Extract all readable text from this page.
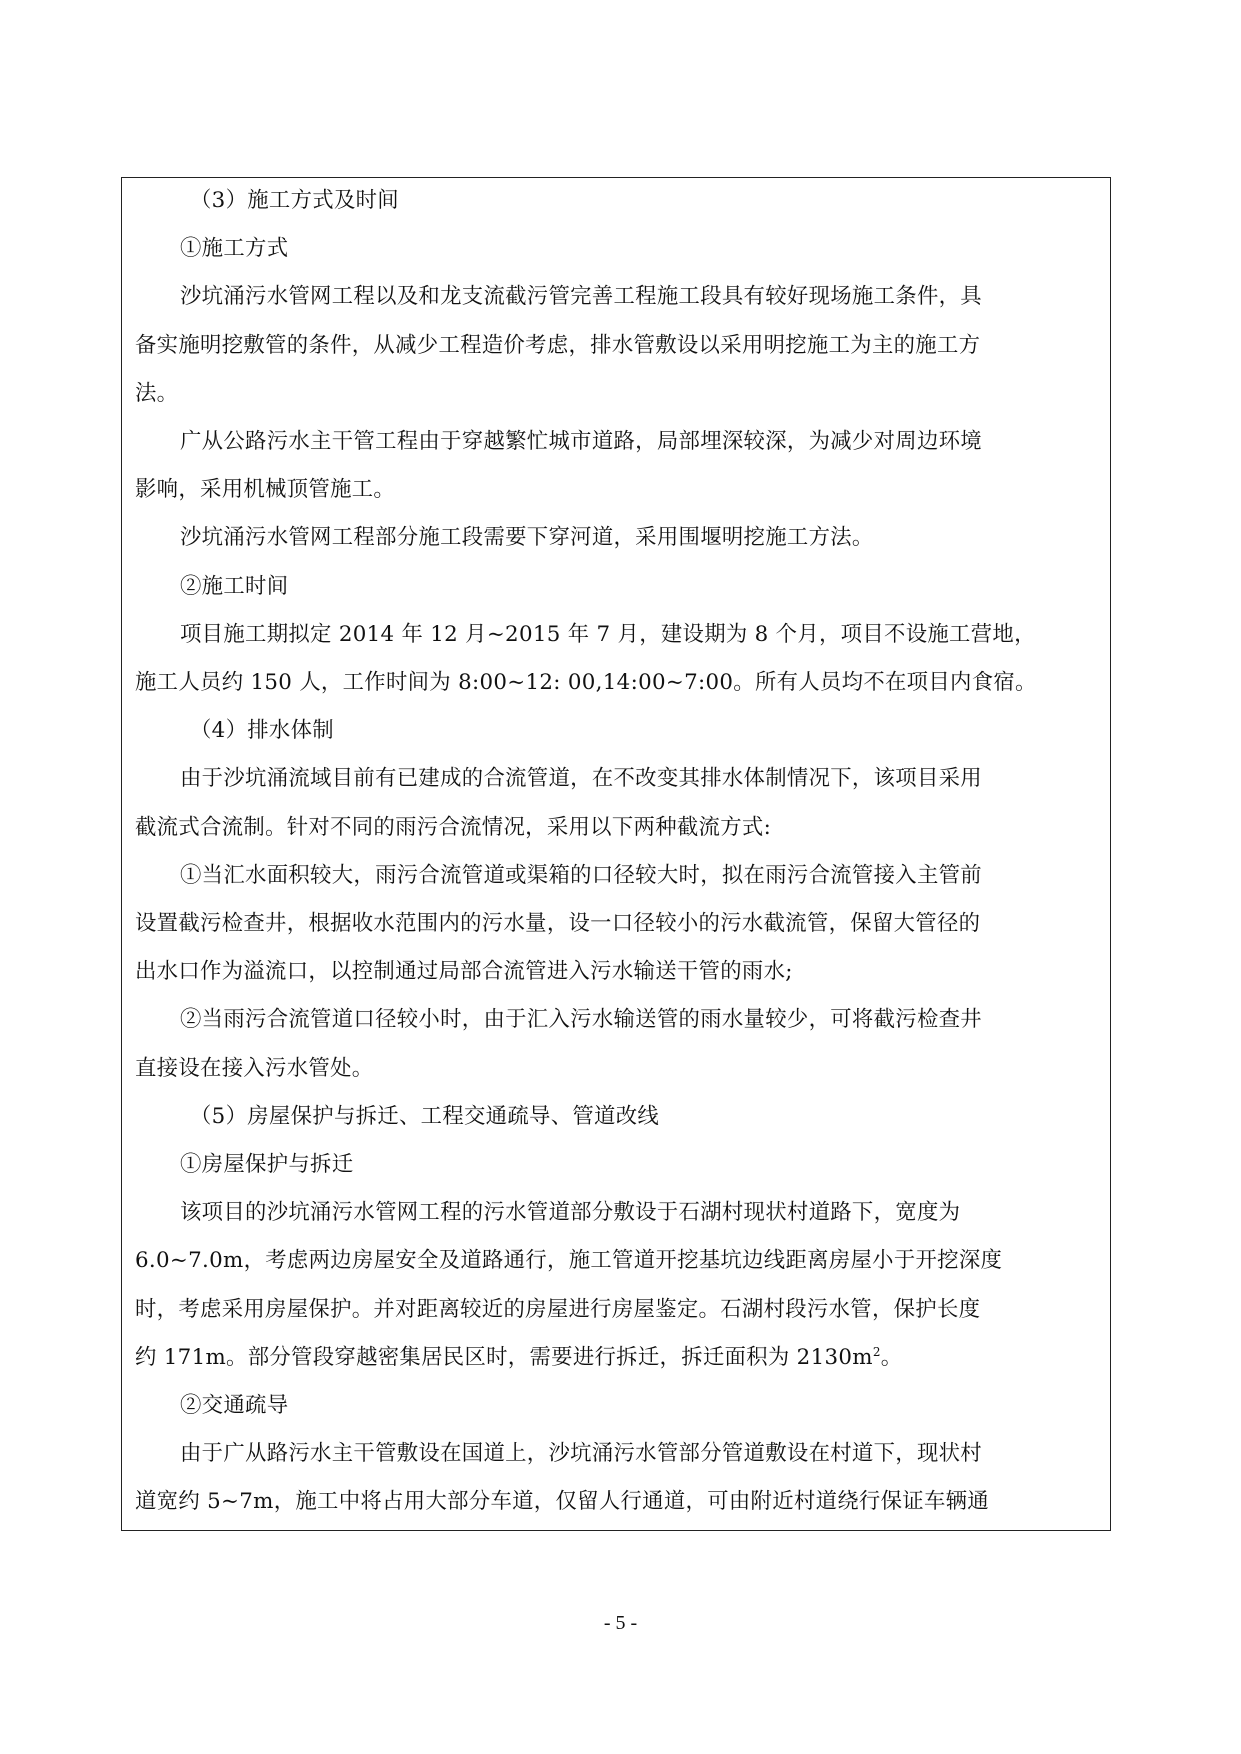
（3）施工方式及时间
①施工方式
沙坑涌污水管网工程以及和龙支流截污管完善工程施工段具有较好现场施工条件，具
备实施明挖敷管的条件，从减少工程造价考虑，排水管敷设以采用明挖施工为主的施工方
法。
广从公路污水主干管工程由于穿越繁忙城市道路，局部埋深较深，为减少对周边环境
影响，采用机械顶管施工。
沙坑涌污水管网工程部分施工段需要下穿河道，采用围堰明挖施工方法。
②施工时间
项目施工期拟定 2014 年 12 月~2015 年 7 月，建设期为 8 个月，项目不设施工营地，
施工人员约 150 人，工作时间为 8:00~12: 00,14:00~7:00。所有人员均不在项目内食宿。
（4）排水体制
由于沙坑涌流域目前有已建成的合流管道，在不改变其排水体制情况下，该项目采用
截流式合流制。针对不同的雨污合流情况，采用以下两种截流方式:
①当汇水面积较大，雨污合流管道或渠箱的口径较大时，拟在雨污合流管接入主管前
设置截污检查井，根据收水范围内的污水量，设一口径较小的污水截流管，保留大管径的
出水口作为溢流口，以控制通过局部合流管进入污水输送干管的雨水;
②当雨污合流管道口径较小时，由于汇入污水输送管的雨水量较少，可将截污检查井
直接设在接入污水管处。
（5）房屋保护与拆迁、工程交通疏导、管道改线
①房屋保护与拆迁
该项目的沙坑涌污水管网工程的污水管道部分敷设于石湖村现状村道路下，宽度为
6.0~7.0m，考虑两边房屋安全及道路通行，施工管道开挖基坑边线距离房屋小于开挖深度
时，考虑采用房屋保护。并对距离较近的房屋进行房屋鉴定。石湖村段污水管，保护长度
约 171m。部分管段穿越密集居民区时，需要进行拆迁，拆迁面积为 $2130m^2$。
②交通疏导
由于广从路污水主干管敷设在国道上，沙坑涌污水管部分管道敷设在村道下，现状村
道宽约 5~7m，施工中将占用大部分车道，仅留人行通道，可由附近村道绕行保证车辆通
- 5 -
